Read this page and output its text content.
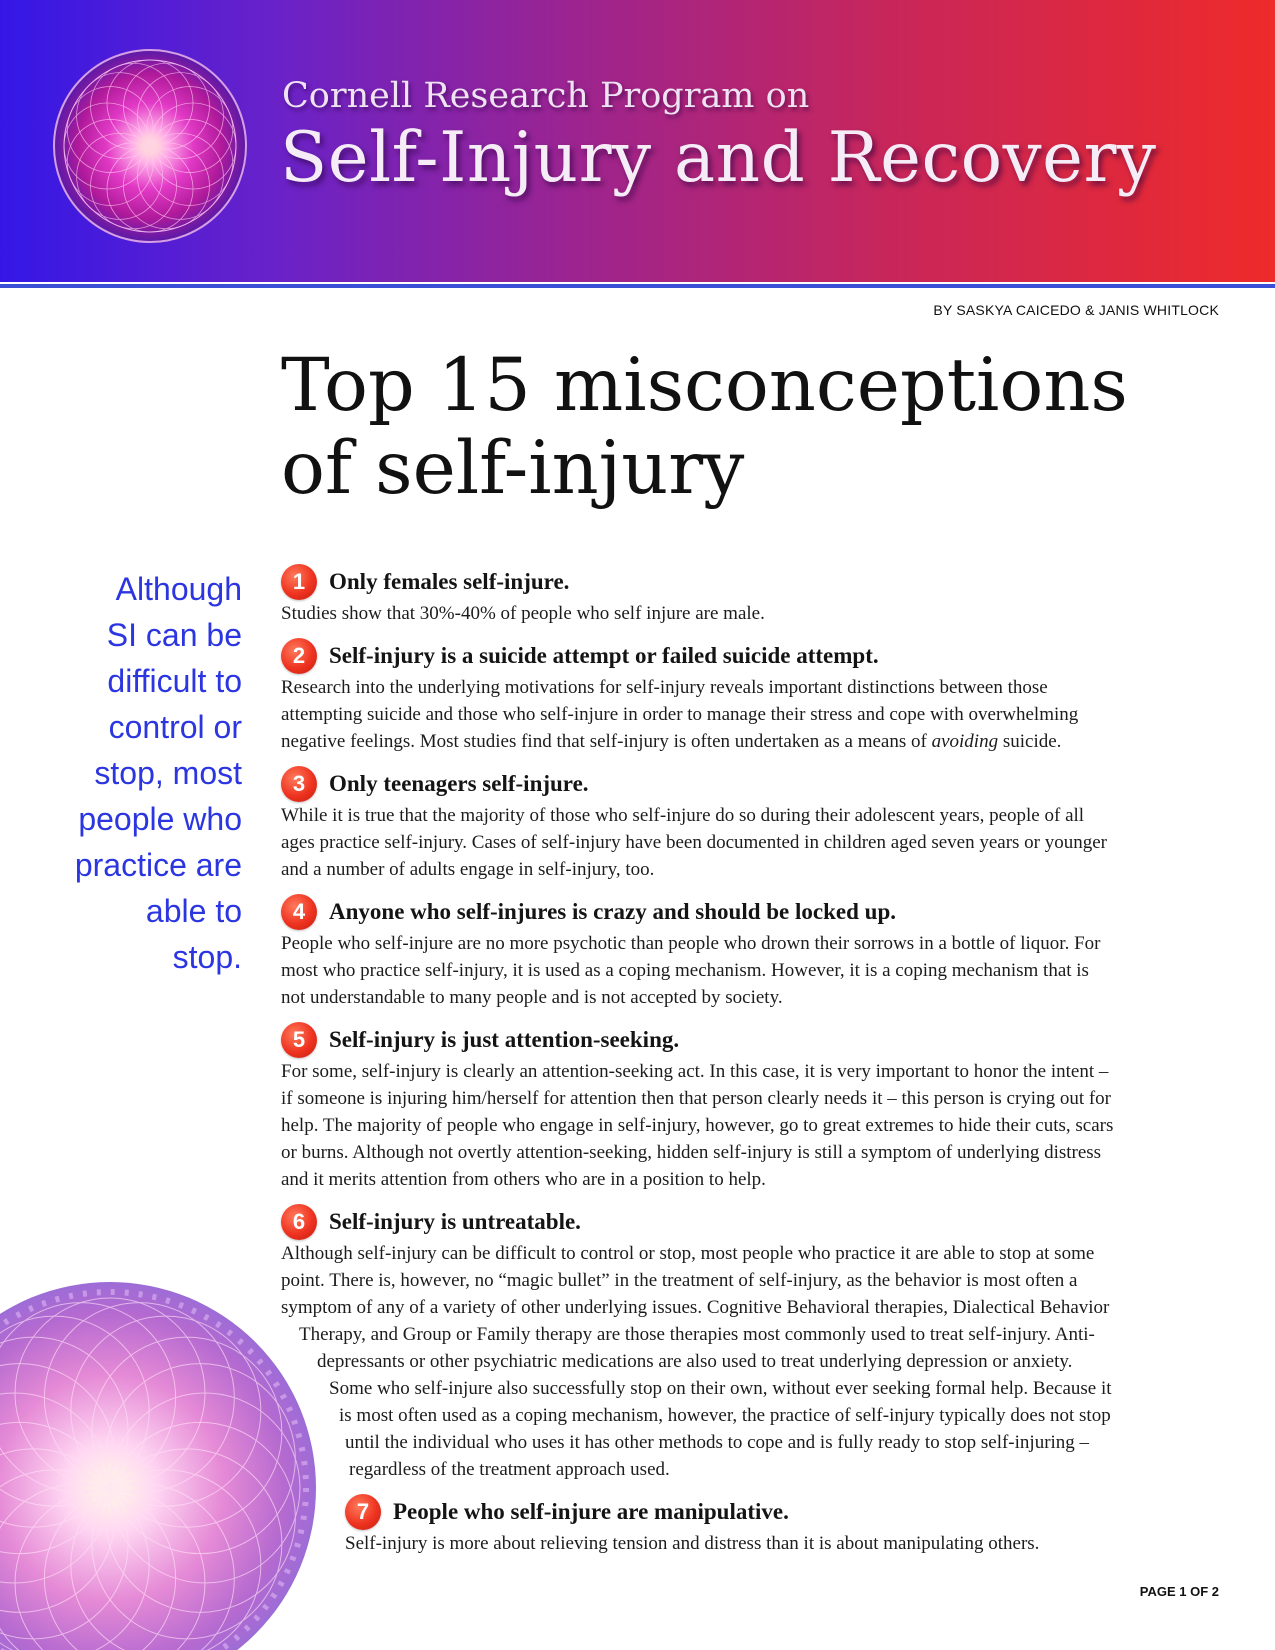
Cornell Research Program on
Self-Injury and Recovery
BY SASKYA CAICEDO & JANIS WHITLOCK
Top 15 misconceptions
of self-injury
Although
SI can be
difficult to
control or
stop, most
people who
practice are
able to
stop.
1	Only females self-injure.
Studies show that 30%-40% of people who self injure are male.
2	Self-injury is a suicide attempt or failed suicide attempt.
Research into the underlying motivations for self-injury reveals important distinctions between those
attempting suicide and those who self-injure in order to manage their stress and cope with overwhelming
negative feelings. Most studies find that self-injury is often undertaken as a means of avoiding suicide.
3	Only teenagers self-injure.
While it is true that the majority of those who self-injure do so during their adolescent years, people of all
ages practice self-injury. Cases of self-injury have been documented in children aged seven years or younger
and a number of adults engage in self-injury, too.
4	Anyone who self-injures is crazy and should be locked up.
People who self-injure are no more psychotic than people who drown their sorrows in a bottle of liquor. For
most who practice self-injury, it is used as a coping mechanism. However, it is a coping mechanism that is
not understandable to many people and is not accepted by society.
5	Self-injury is just attention-seeking.
For some, self-injury is clearly an attention-seeking act. In this case, it is very important to honor the intent –
if someone is injuring him/herself for attention then that person clearly needs it – this person is crying out for
help. The majority of people who engage in self-injury, however, go to great extremes to hide their cuts, scars
or burns. Although not overtly attention-seeking, hidden self-injury is still a symptom of underlying distress
and it merits attention from others who are in a position to help.
6	Self-injury is untreatable.
Although self-injury can be difficult to control or stop, most people who practice it are able to stop at some
point. There is, however, no “magic bullet” in the treatment of self-injury, as the behavior is most often a
symptom of any of a variety of other underlying issues. Cognitive Behavioral therapies, Dialectical Behavior
Therapy, and Group or Family therapy are those therapies most commonly used to treat self-injury. Anti-
depressants or other psychiatric medications are also used to treat underlying depression or anxiety.
Some who self-injure also successfully stop on their own, without ever seeking formal help. Because it
is most often used as a coping mechanism, however, the practice of self-injury typically does not stop
until the individual who uses it has other methods to cope and is fully ready to stop self-injuring –
regardless of the treatment approach used.
7	People who self-injure are manipulative.
Self-injury is more about relieving tension and distress than it is about manipulating others.
PAGE 1 OF 2
